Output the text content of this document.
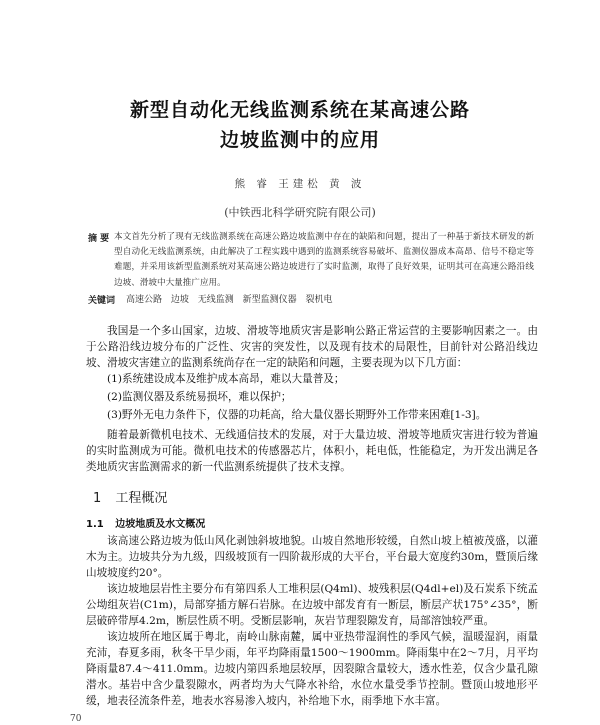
新型自动化无线监测系统在某高速公路
边坡监测中的应用
熊 睿 王建松 黄 波
(中铁西北科学研究院有限公司)
摘 要 本文首先分析了现有无线监测系统在高速公路边坡监测中存在的缺陷和问题，提出了一种基于新技术研发的新型自动化无线监测系统，由此解决了工程实践中遇到的监测系统容易破坏、监测仪器成本高昂、信号不稳定等难题，并采用该新型监测系统对某高速公路边坡进行了实时监测，取得了良好效果，证明其可在高速公路沿线边坡、滑坡中大量推广应用。
关键词 高速公路 边坡 无线监测 新型监测仪器 裂机电
我国是一个多山国家，边坡、滑坡等地质灾害是影响公路正常运营的主要影响因素之一。由于公路沿线边坡分布的广泛性、灾害的突发性，以及现有技术的局限性，目前针对公路沿线边坡、滑坡灾害建立的监测系统尚存在一定的缺陷和问题，主要表现为以下几方面：
(1)系统建设成本及维护成本高昂，难以大量普及；
(2)监测仪器及系统易损坏，难以保护；
(3)野外无电力条件下，仪器的功耗高，给大量仪器长期野外工作带来困难[1-3]。
随着最新微机电技术、无线通信技术的发展，对于大量边坡、滑坡等地质灾害进行较为普遍的实时监测成为可能。微机电技术的传感器芯片，体积小，耗电低，性能稳定，为开发出满足各类地质灾害监测需求的新一代监测系统提供了技术支撑。
1 工程概况
1.1 边坡地质及水文概况
该高速公路边坡为低山风化剥蚀斜坡地貌。山坡自然地形较缓，自然山坡上植被茂盛，以灌木为主。边坡共分为九级，四级坡顶有一四阶裁形成的大平台，平台最大宽度约30m，暨顶后缘山坡坡度约20°。
该边坡地层岩性主要分布有第四系人工堆积层(Q4ml)、坡残积层(Q4dl+el)及石炭系下统孟公坳组灰岩(C1m)，局部穿插方解石岩脉。在边坡中部发育有一断层，断层产状175°∠35°，断层破碎带厚4.2m，断层性质不明。受断层影响，灰岩节理裂隙发育，局部溶蚀较严重。
该边坡所在地区属于粤北，南岭山脉南麓，属中亚热带湿润性的季风气候，温暖湿润，雨量充沛，春夏多雨，秋冬干旱少雨，年平均降雨量1500～1900mm。降雨集中在2～7月，月平均降雨量87.4～411.0mm。边坡内第四系地层较厚，因裂隙含量较大，透水性差，仅含少量孔隙潜水。基岩中含少量裂隙水，两者均为大气降水补给，水位水量受季节控制。暨顶山坡地形平缓，地表径流条件差，地表水容易渗入坡内，补给地下水，雨季地下水丰富。
70
